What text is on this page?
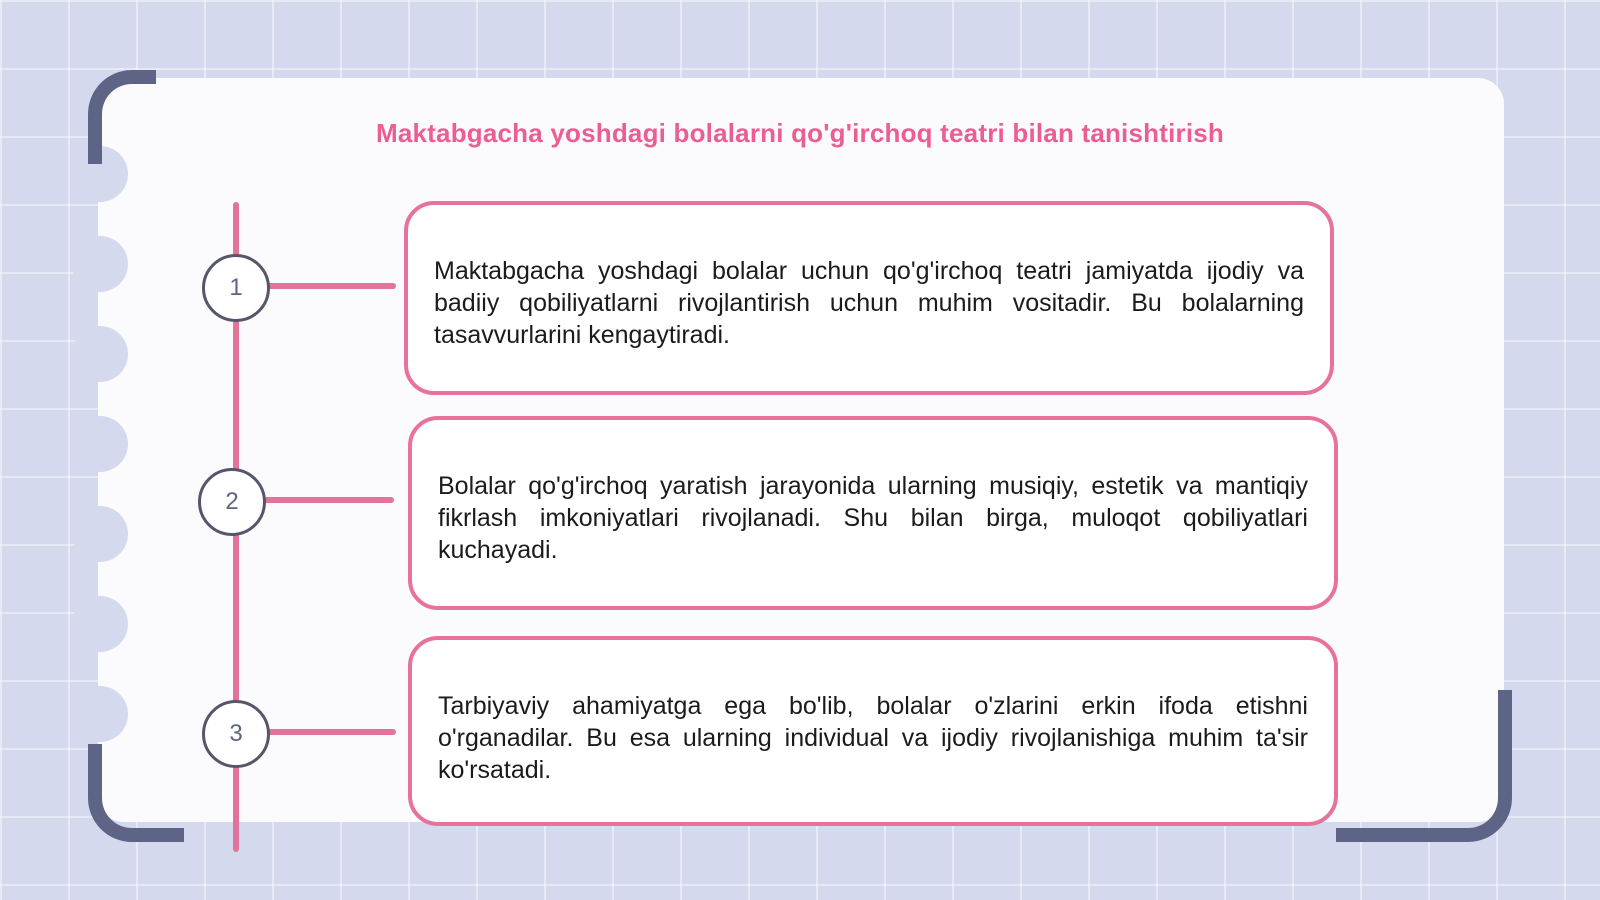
Maktabgacha yoshdagi bolalarni qo'g'irchoq teatri bilan tanishtirish
1
Maktabgacha yoshdagi bolalar uchun qo'g'irchoq teatri jamiyatda ijodiy va badiiy qobiliyatlarni rivojlantirish uchun muhim vositadir. Bu bolalarning tasavvurlarini kengaytiradi.
2
Bolalar qo'g'irchoq yaratish jarayonida ularning musiqiy, estetik va mantiqiy fikrlash imkoniyatlari rivojlanadi. Shu bilan birga, muloqot qobiliyatlari kuchayadi.
3
Tarbiyaviy ahamiyatga ega bo'lib, bolalar o'zlarini erkin ifoda etishni o'rganadilar. Bu esa ularning individual va ijodiy rivojlanishiga muhim ta'sir ko'rsatadi.
